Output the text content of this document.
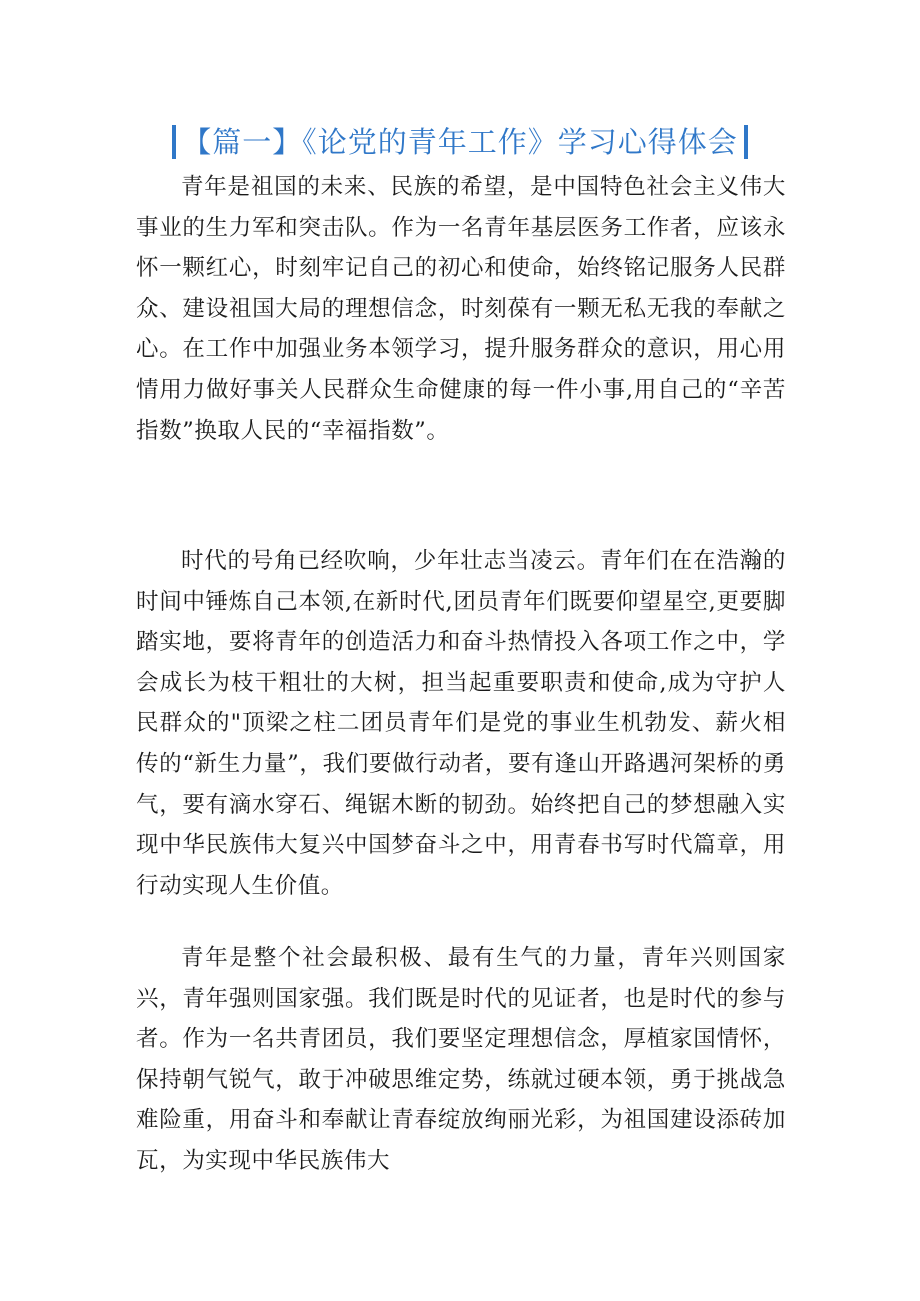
【篇一】《论党的青年工作》学习心得体会

青年是祖国的未来、民族的希望，是中国特色社会主义伟大事业的生力军和突击队。作为一名青年基层医务工作者，应该永怀一颗红心，时刻牢记自己的初心和使命，始终铭记服务人民群众、建设祖国大局的理想信念，时刻葆有一颗无私无我的奉献之心。在工作中加强业务本领学习，提升服务群众的意识，用心用情用力做好事关人民群众生命健康的每一件小事,用自己的“辛苦指数”换取人民的“幸福指数”。

时代的号角已经吹响，少年壮志当凌云。青年们在在浩瀚的时间中锤炼自己本领,在新时代,团员青年们既要仰望星空,更要脚踏实地，要将青年的创造活力和奋斗热情投入各项工作之中，学会成长为枝干粗壮的大树，担当起重要职责和使命,成为守护人民群众的"顶梁之柱二团员青年们是党的事业生机勃发、薪火相传的“新生力量”，我们要做行动者，要有逢山开路遇河架桥的勇气，要有滴水穿石、绳锯木断的韧劲。始终把自己的梦想融入实现中华民族伟大复兴中国梦奋斗之中，用青春书写时代篇章，用行动实现人生价值。

青年是整个社会最积极、最有生气的力量，青年兴则国家兴，青年强则国家强。我们既是时代的见证者，也是时代的参与者。作为一名共青团员，我们要坚定理想信念，厚植家国情怀，保持朝气锐气，敢于冲破思维定势，练就过硬本领，勇于挑战急难险重，用奋斗和奉献让青春绽放绚丽光彩，为祖国建设添砖加瓦，为实现中华民族伟大
